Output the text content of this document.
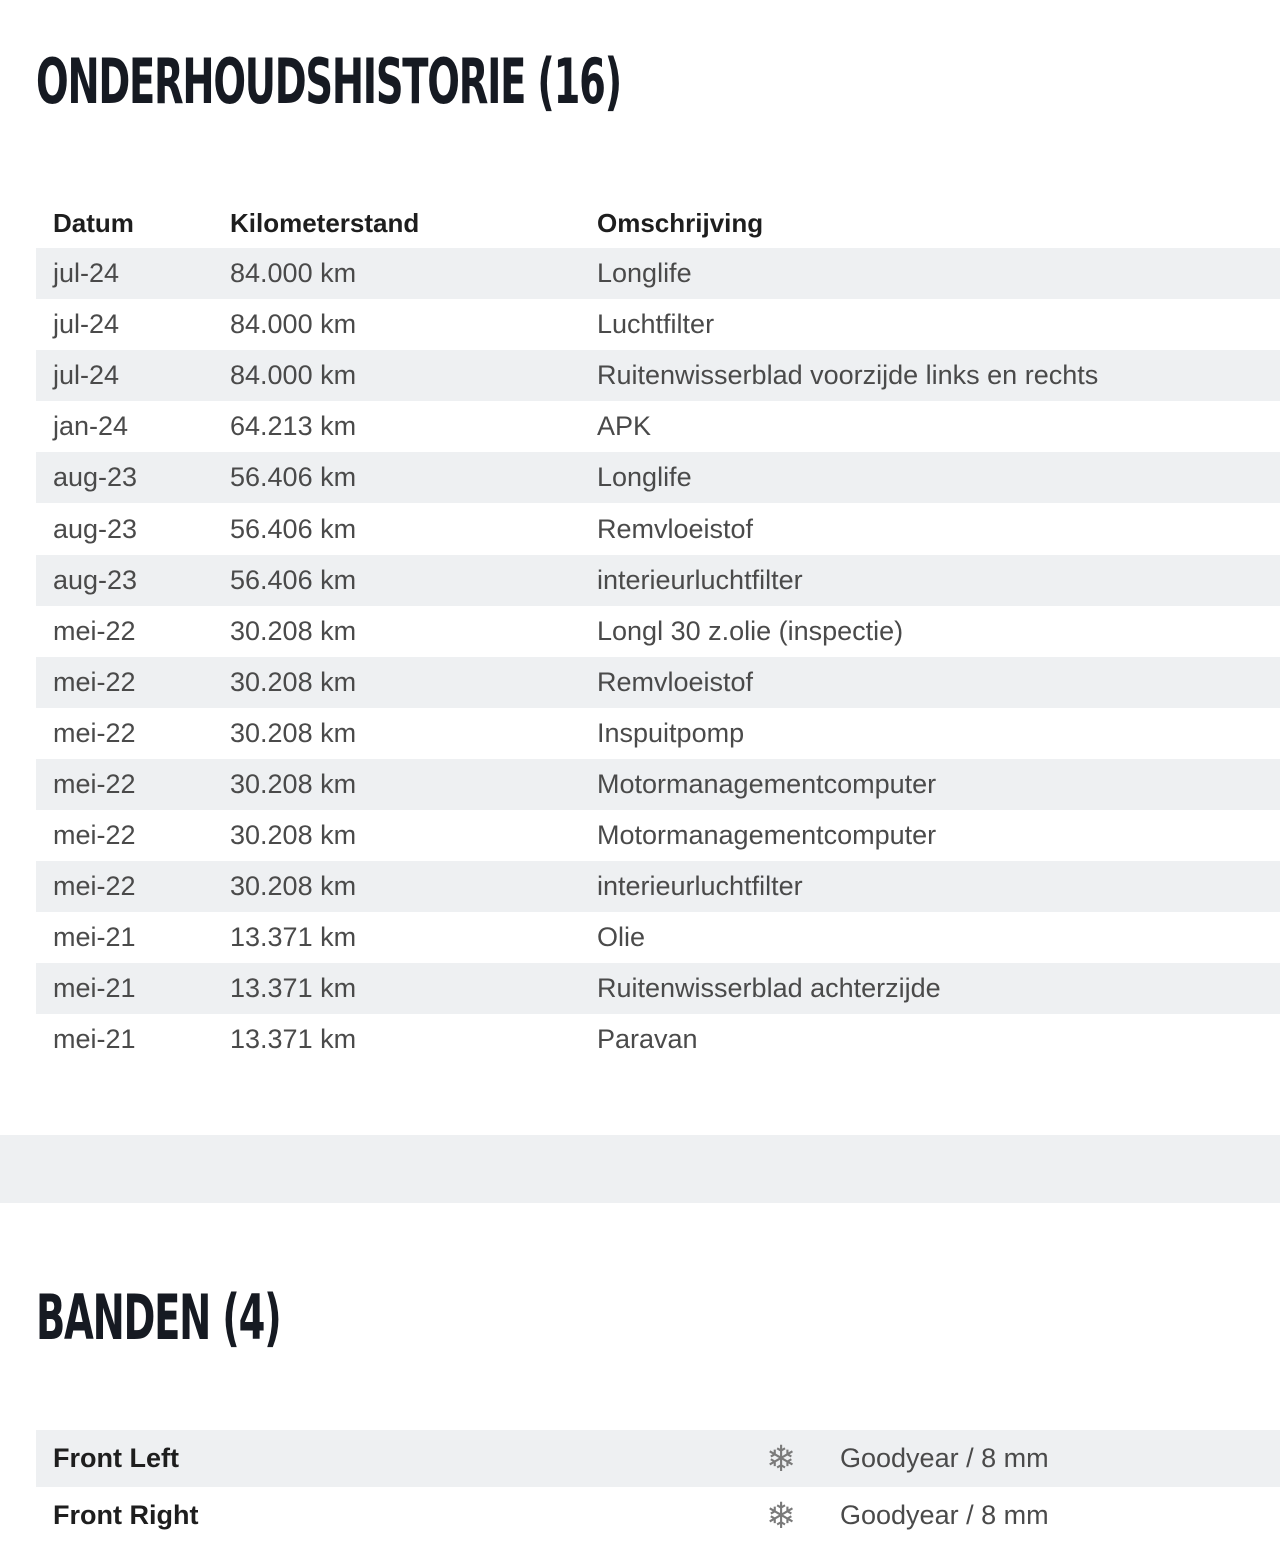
ONDERHOUDSHISTORIE (16)
Datum	Kilometerstand	Omschrijving
jul-24	84.000 km	Longlife
jul-24	84.000 km	Luchtfilter
jul-24	84.000 km	Ruitenwisserblad voorzijde links en rechts
jan-24	64.213 km	APK
aug-23	56.406 km	Longlife
aug-23	56.406 km	Remvloeistof
aug-23	56.406 km	interieurluchtfilter
mei-22	30.208 km	Longl 30 z.olie (inspectie)
mei-22	30.208 km	Remvloeistof
mei-22	30.208 km	Inspuitpomp
mei-22	30.208 km	Motormanagementcomputer
mei-22	30.208 km	Motormanagementcomputer
mei-22	30.208 km	interieurluchtfilter
mei-21	13.371 km	Olie
mei-21	13.371 km	Ruitenwisserblad achterzijde
mei-21	13.371 km	Paravan
BANDEN (4)
Front Left	❄	Goodyear / 8 mm
Front Right	❄	Goodyear / 8 mm
